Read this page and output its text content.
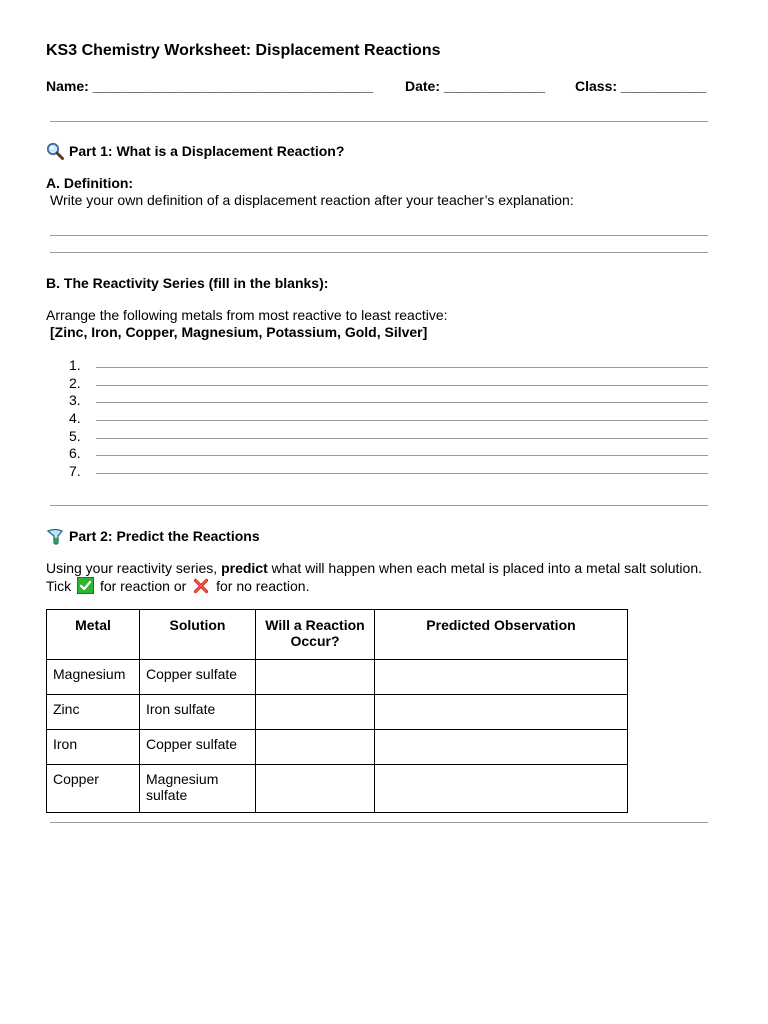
KS3 Chemistry Worksheet: Displacement Reactions
Name: ____________________________________ Date: _____________ Class: ___________
Part 1: What is a Displacement Reaction?
A. Definition:
Write your own definition of a displacement reaction after your teacher’s explanation:
B. The Reactivity Series (fill in the blanks):
Arrange the following metals from most reactive to least reactive:
[Zinc, Iron, Copper, Magnesium, Potassium, Gold, Silver]
1.
2.
3.
4.
5.
6.
7.
Part 2: Predict the Reactions
Using your reactivity series, predict what will happen when each metal is placed into a metal salt solution.
Tick for reaction or for no reaction.
Metal	Solution	Will a Reaction Occur?	Predicted Observation
Magnesium	Copper sulfate		
Zinc	Iron sulfate		
Iron	Copper sulfate		
Copper	Magnesium sulfate		
